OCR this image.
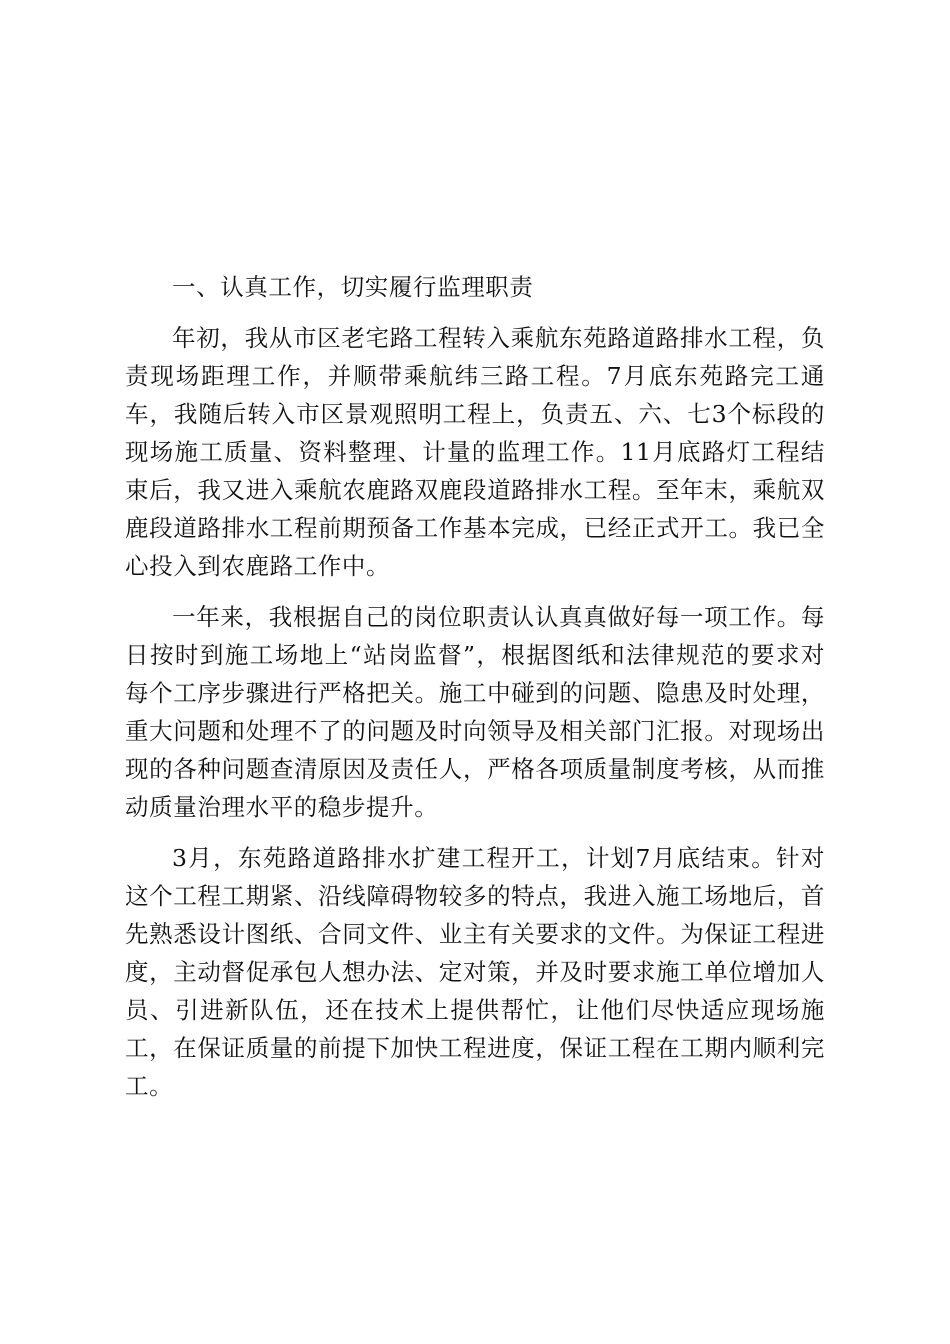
一、认真工作，切实履行监理职责

年初，我从市区老宅路工程转入乘航东苑路道路排水工程，负责现场距理工作，并顺带乘航纬三路工程。7月底东苑路完工通车，我随后转入市区景观照明工程上，负责五、六、七3个标段的现场施工质量、资料整理、计量的监理工作。11月底路灯工程结束后，我又进入乘航农鹿路双鹿段道路排水工程。至年末，乘航双鹿段道路排水工程前期预备工作基本完成，已经正式开工。我已全心投入到农鹿路工作中。

一年来，我根据自己的岗位职责认认真真做好每一项工作。每日按时到施工场地上“站岗监督”，根据图纸和法律规范的要求对每个工序步骤进行严格把关。施工中碰到的问题、隐患及时处理，重大问题和处理不了的问题及时向领导及相关部门汇报。对现场出现的各种问题查清原因及责任人，严格各项质量制度考核，从而推动质量治理水平的稳步提升。

3月，东苑路道路排水扩建工程开工，计划7月底结束。针对这个工程工期紧、沿线障碍物较多的特点，我进入施工场地后，首先熟悉设计图纸、合同文件、业主有关要求的文件。为保证工程进度，主动督促承包人想办法、定对策，并及时要求施工单位增加人员、引进新队伍，还在技术上提供帮忙，让他们尽快适应现场施工，在保证质量的前提下加快工程进度，保证工程在工期内顺利完工。
